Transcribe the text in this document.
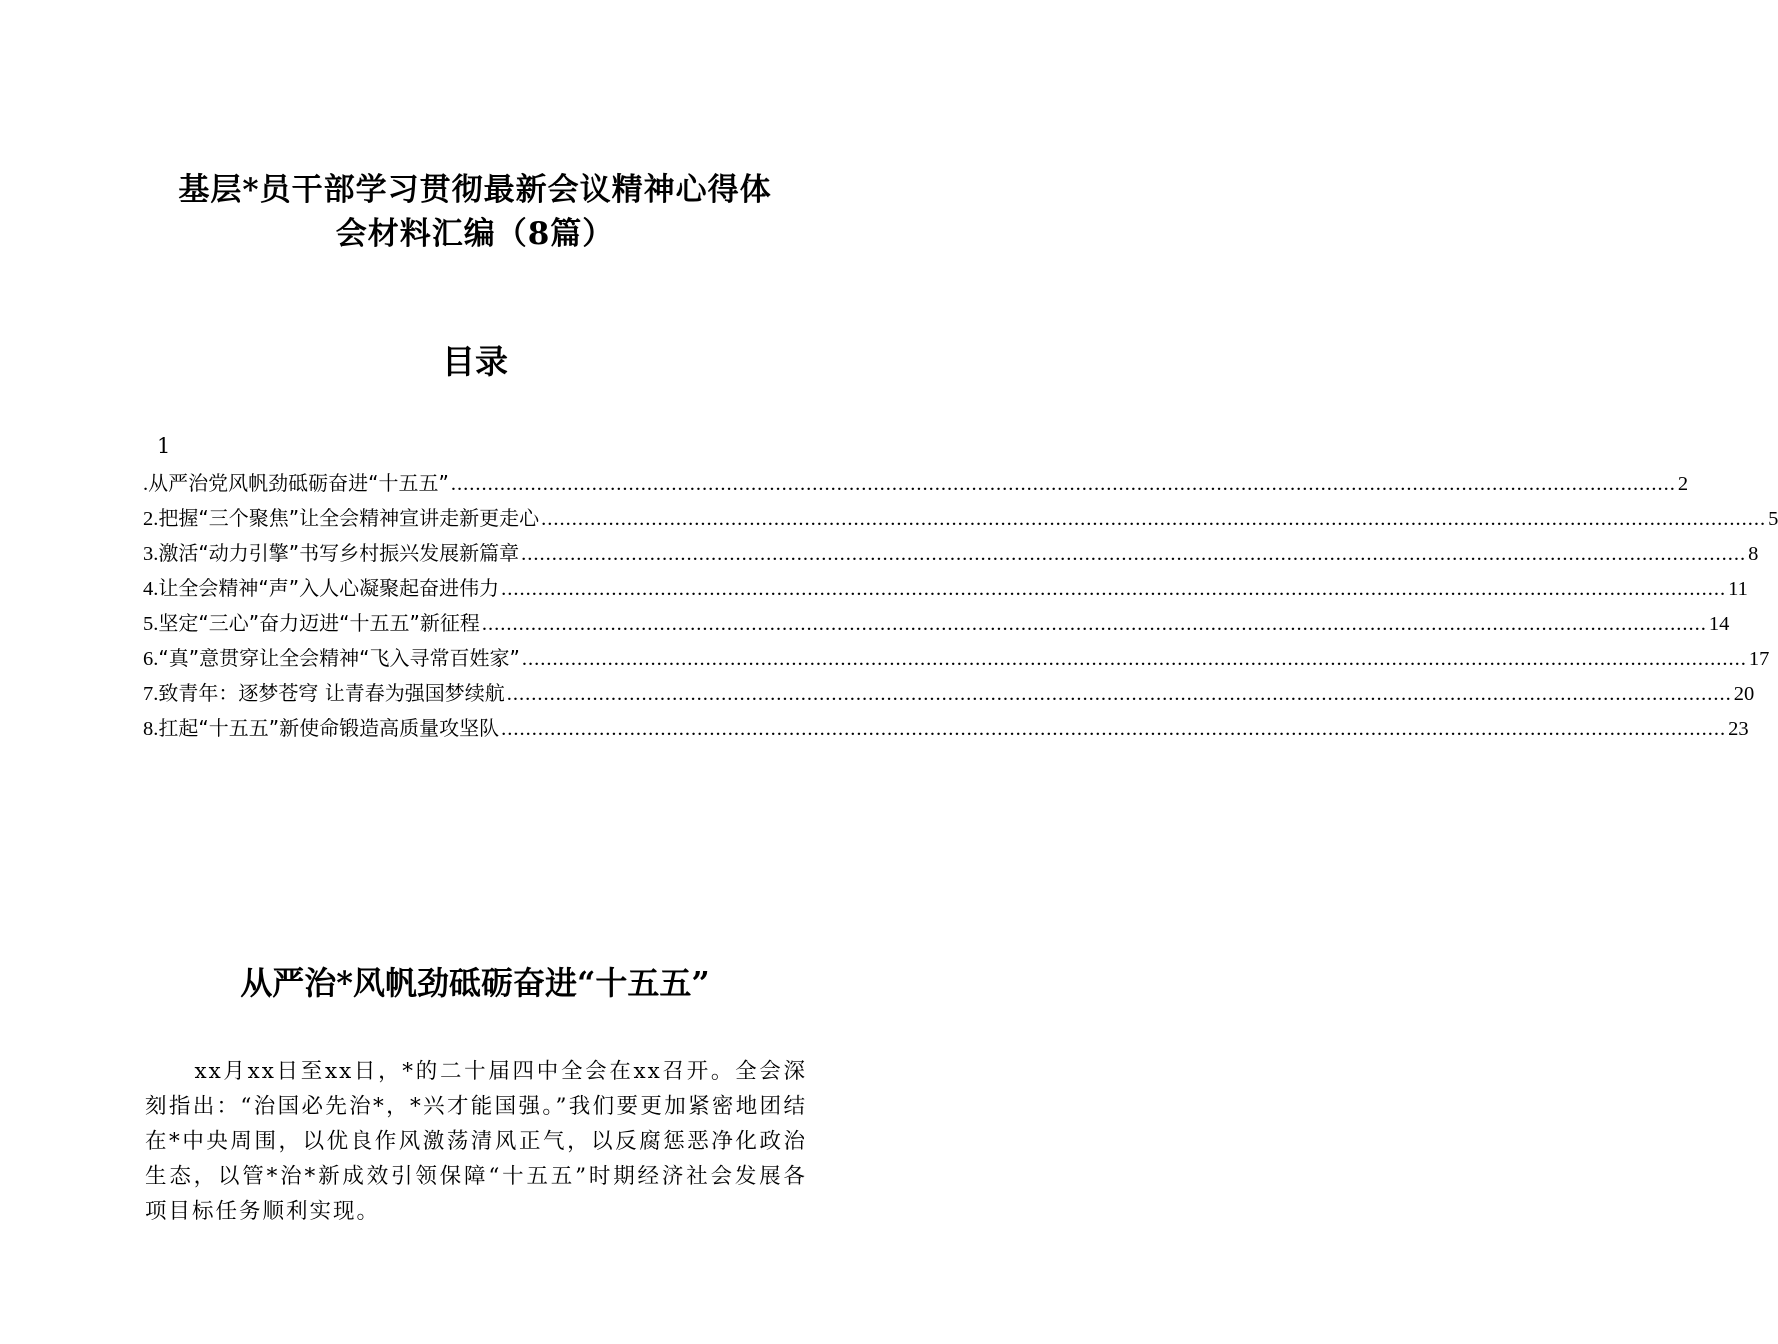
基层*员干部学习贯彻最新会议精神心得体
会材料汇编（8篇）
目录
1
. 从严治党风帆劲砥砺奋进“十五五” ........................................................................................................................................................................................................ 2
2. 把握“三个聚焦”让全会精神宣讲走新更走心 ........................................................................................................................................................................................................ 5
3. 激活“动力引擎”书写乡村振兴发展新篇章 ........................................................................................................................................................................................................ 8
4. 让全会精神“声”入人心凝聚起奋进伟力 ........................................................................................................................................................................................................ 11
5. 坚定“三心”奋力迈进“十五五”新征程 ........................................................................................................................................................................................................ 14
6. “真”意贯穿让全会精神“飞入寻常百姓家” ........................................................................................................................................................................................................ 17
7. 致青年：逐梦苍穹 让青春为强国梦续航 ........................................................................................................................................................................................................ 20
8. 扛起“十五五”新使命锻造高质量攻坚队 ........................................................................................................................................................................................................ 23
从严治*风帆劲砥砺奋进“十五五”

xx月xx日至xx日，*的二十届四中全会在xx召开。全会深刻指出：“治国必先治*，*兴才能国强。”我们要更加紧密地团结在*中央周围，以优良作风激荡清风正气，以反腐惩恶净化政治生态，以管*治*新成效引领保障“十五五”时期经济社会发展各项目标任务顺利实现。
